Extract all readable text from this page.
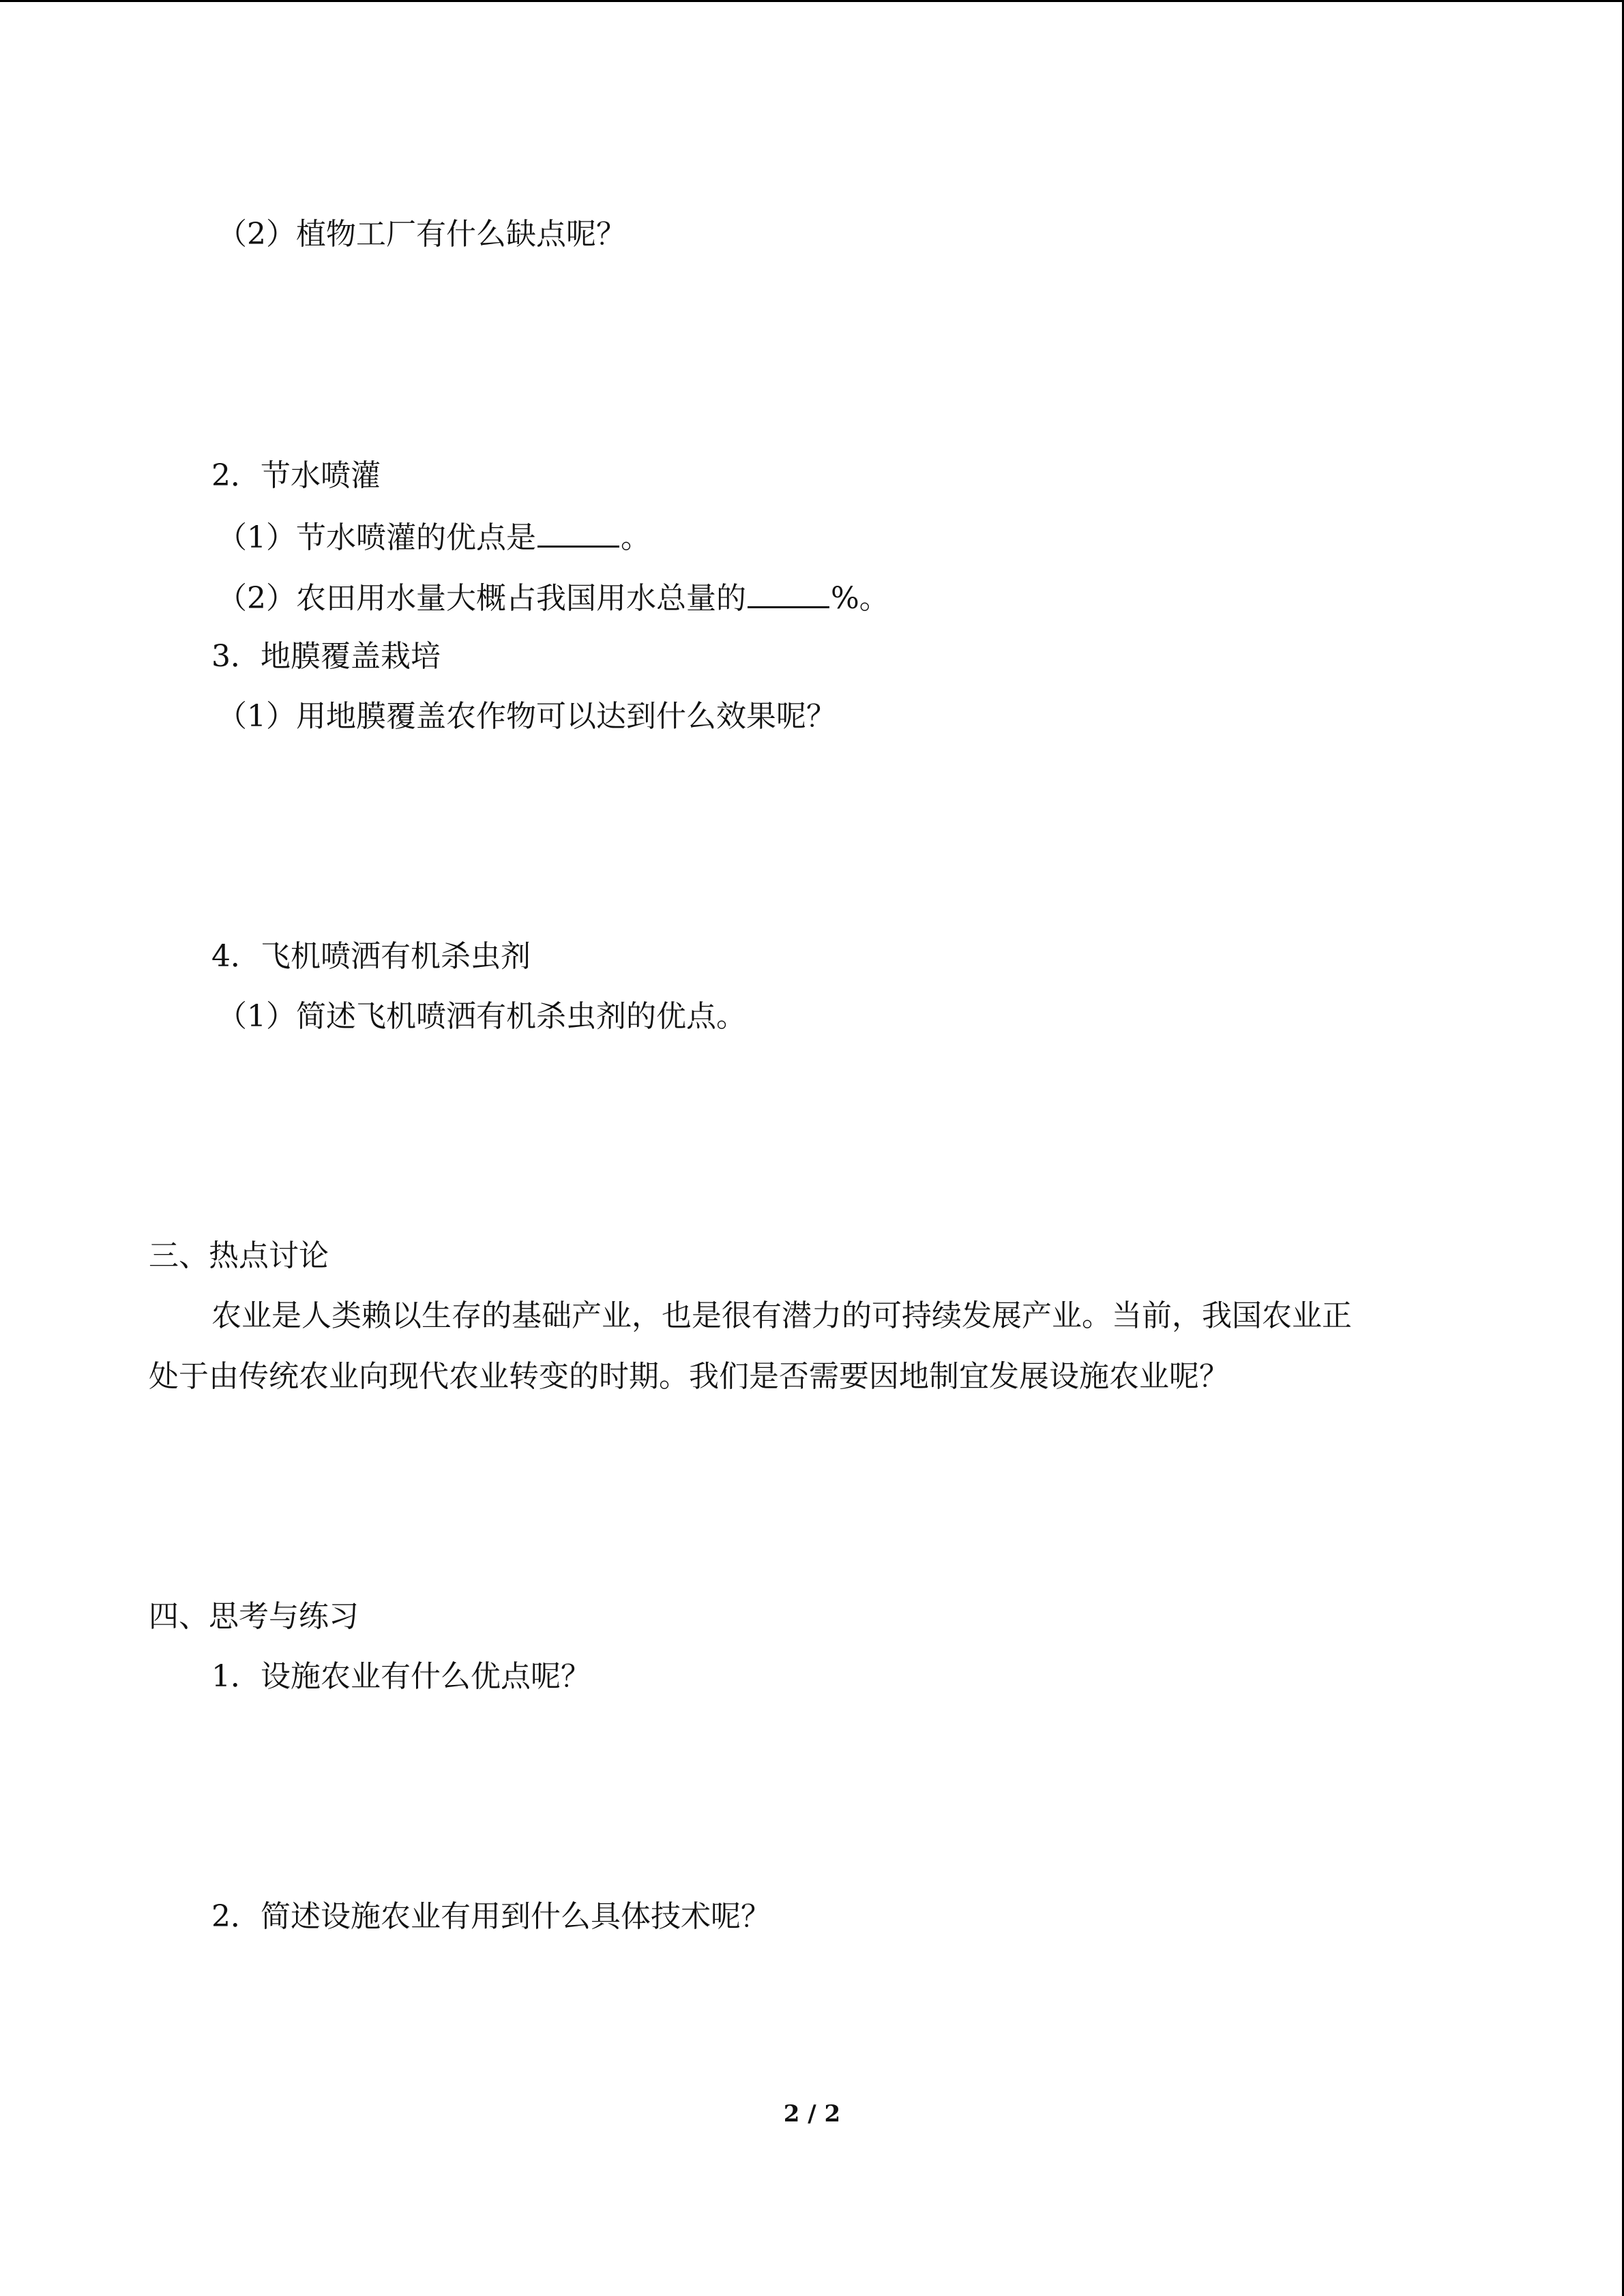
（2）植物工厂有什么缺点呢？
2．节水喷灌
（1）节水喷灌的优点是	。
（2）农田用水量大概占我国用水总量的	%。
3．地膜覆盖栽培
（1）用地膜覆盖农作物可以达到什么效果呢？
4．飞机喷洒有机杀虫剂
（1）简述飞机喷洒有机杀虫剂的优点。
三、热点讨论
农业是人类赖以生存的基础产业，也是很有潜力的可持续发展产业。当前，我国农业正
处于由传统农业向现代农业转变的时期。我们是否需要因地制宜发展设施农业呢？
四、思考与练习
1．设施农业有什么优点呢？
2．简述设施农业有用到什么具体技术呢？
2 / 2
